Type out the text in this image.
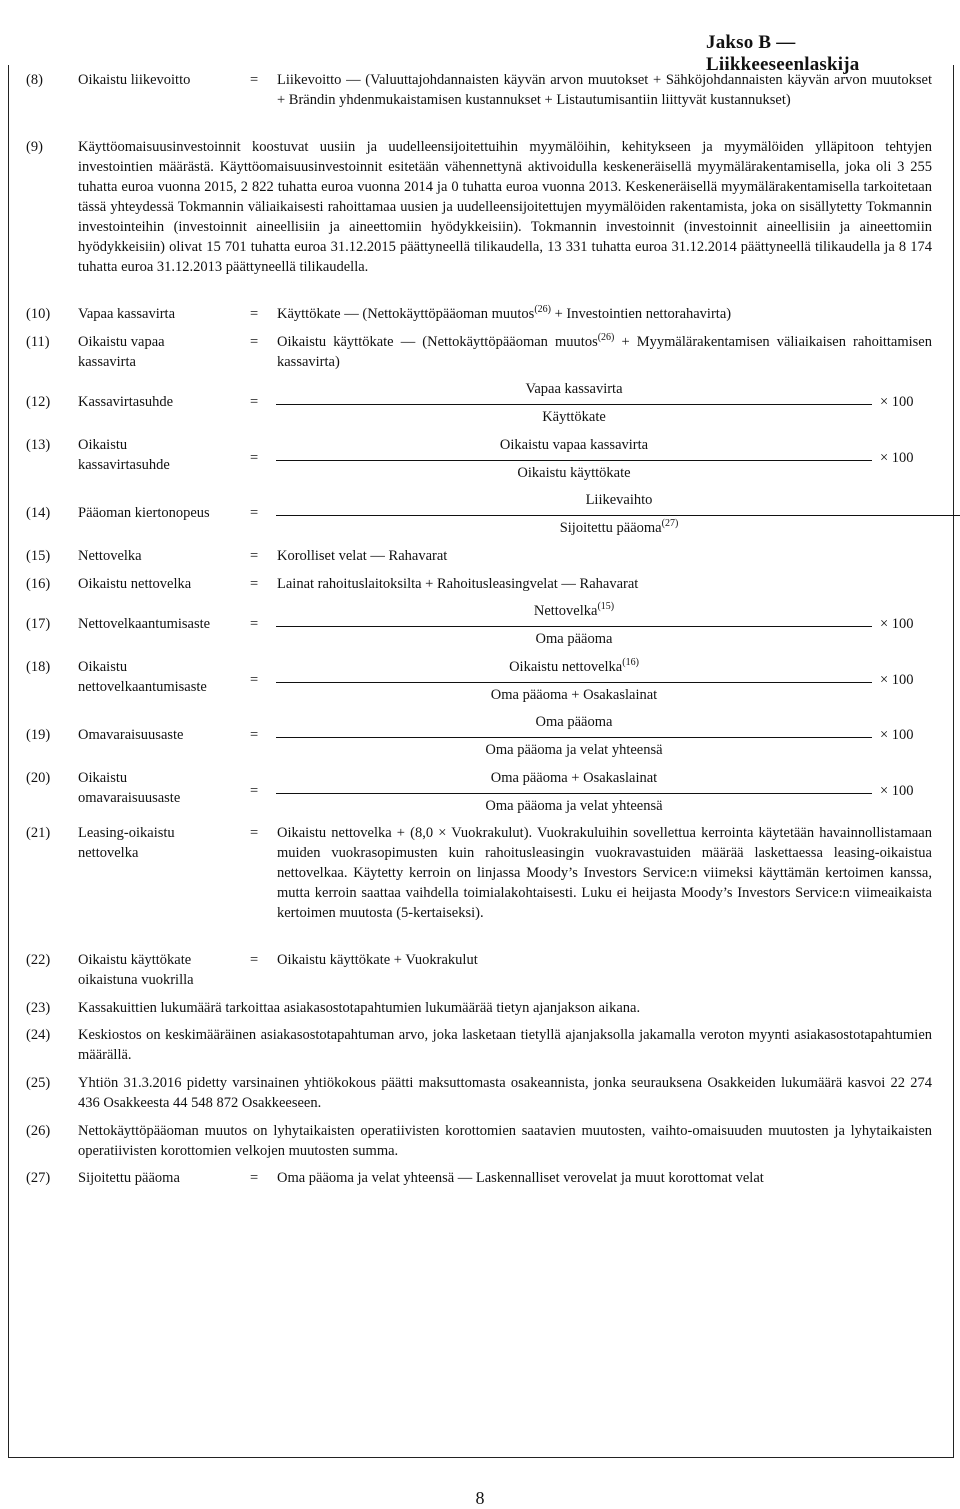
Jakso B — Liikkeeseenlaskija
(8) Oikaistu liikevoitto	= Liikevoitto — (Valuuttajohdannaisten käyvän arvon muutokset + Sähköjohdannaisten käyvän arvon muutokset + Brändin yhdenmukaistamisen kustannukset + Listautumisantiin liittyvät kustannukset)
(9) Käyttöomaisuusinvestoinnit koostuvat uusiin ja uudelleensijoitettuihin myymälöihin, kehitykseen ja myymälöiden ylläpitoon tehtyjen investointien määrästä. Käyttöomaisuusinvestoinnit esitetään vähennettynä aktivoidulla keskeneräisellä myymälärakentamisella, joka oli 3 255 tuhatta euroa vuonna 2015, 2 822 tuhatta euroa vuonna 2014 ja 0 tuhatta euroa vuonna 2013. Keskeneräisellä myymälärakentamisella tarkoitetaan tässä yhteydessä Tokmannin väliaikaisesti rahoittamaa uusien ja uudelleensijoitettujen myymälöiden rakentamista, joka on sisällytetty Tokmannin investointeihin (investoinnit aineellisiin ja aineettomiin hyödykkeisiin). Tokmannin investoinnit (investoinnit aineellisiin ja aineettomiin hyödykkeisiin) olivat 15 701 tuhatta euroa 31.12.2015 päättyneellä tilikaudella, 13 331 tuhatta euroa 31.12.2014 päättyneellä tilikaudella ja 8 174 tuhatta euroa 31.12.2013 päättyneellä tilikaudella.
(10) Vapaa kassavirta	= Käyttökate — (Nettokäyttöpääoman muutos$^{(26)}$ + Investointien nettorahavirta)
(11) Oikaistu vapaa kassavirta
= Oikaistu käyttökate — (Nettokäyttöpääoman muutos$^{(26)}$ + Myymälärakentamisen väliaikaisen rahoittamisen kassavirta)
(12) Kassavirtasuhde	=
Vapaa kassavirta
Käyttökate
× 100
(13) Oikaistu kassavirtasuhde	=
Oikaistu vapaa kassavirta
Oikaistu käyttökate
× 100
(14) Pääoman kiertonopeus	=
Liikevaihto
Sijoitettu pääoma$^{(27)}$
(15) Nettovelka	= Korolliset velat — Rahavarat
(16) Oikaistu nettovelka	= Lainat rahoituslaitoksilta + Rahoitusleasingvelat — Rahavarat
(17) Nettovelkaantumisaste	=
Nettovelka$^{(15)}$
Oma pääoma
× 100
(18) Oikaistu nettovelkaantumisaste	=
Oikaistu nettovelka$^{(16)}$
Oma pääoma + Osakaslainat
× 100
(19) Omavaraisuusaste	=
Oma pääoma
Oma pääoma ja velat yhteensä
× 100
(20) Oikaistu omavaraisuusaste	=
Oma pääoma + Osakaslainat
Oma pääoma ja velat yhteensä
× 100
(21) Leasing-oikaistu nettovelka
= Oikaistu nettovelka + (8,0 × Vuokrakulut). Vuokrakuluihin sovellettua kerrointa käytetään havainnollistamaan muiden vuokrasopimusten kuin rahoitusleasingin vuokravastuiden määrää laskettaessa leasing-oikaistua nettovelkaa. Käytetty kerroin on linjassa Moody’s Investors Service:n viimeksi käyttämän kertoimen kanssa, mutta kerroin saattaa vaihdella toimialakohtaisesti. Luku ei heijasta Moody’s Investors Service:n viimeaikaista kertoimen muutosta (5-kertaiseksi).
(22) Oikaistu käyttökate oikaistuna vuokrilla
= Oikaistu käyttökate + Vuokrakulut
(23) Kassakuittien lukumäärä tarkoittaa asiakasostotapahtumien lukumäärää tietyn ajanjakson aikana.
(24) Keskiostos on keskimääräinen asiakasostotapahtuman arvo, joka lasketaan tietyllä ajanjaksolla jakamalla veroton myynti asiakasostotapahtumien määrällä.
(25) Yhtiön 31.3.2016 pidetty varsinainen yhtiökokous päätti maksuttomasta osakeannista, jonka seurauksena Osakkeiden lukumäärä kasvoi 22 274 436 Osakkeesta 44 548 872 Osakkeeseen.
(26) Nettokäyttöpääoman muutos on lyhytaikaisten operatiivisten korottomien saatavien muutosten, vaihto-omaisuuden muutosten ja lyhytaikaisten operatiivisten korottomien velkojen muutosten summa.
(27) Sijoitettu pääoma	= Oma pääoma ja velat yhteensä — Laskennalliset verovelat ja muut korottomat velat
8
